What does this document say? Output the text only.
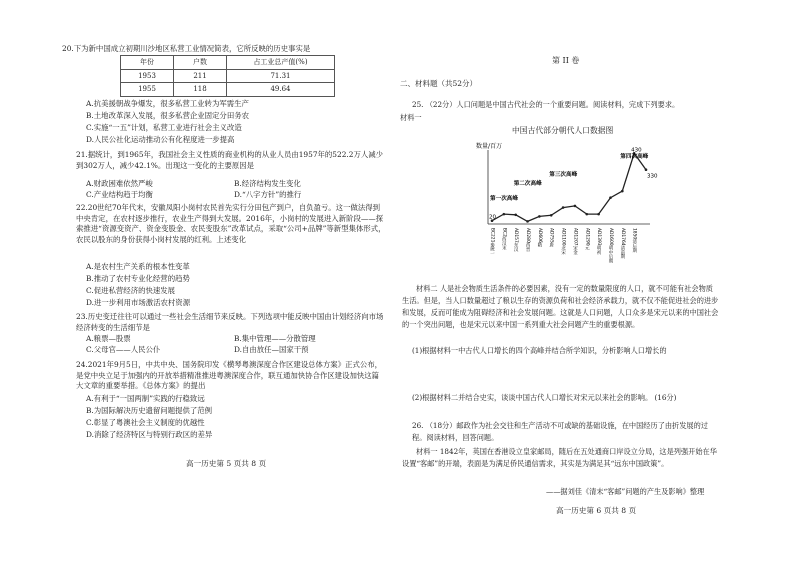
20.下为新中国成立初期川沙地区私营工业情况简表，它所反映的历史事实是
年份	户数	占工业总产值(%)
1953	211	71.31
1955	118	49.64
A.抗美援朝战争爆发，很多私营工业转为军需生产
B.土地改革深入发展，很多私营企业固定分田务农
C.实施“一五”计划，私营工业进行社会主义改造
D.人民公社化运动推动公有化程度进一步提高
21.据统计，到1965年，我国社会主义性质的商业机构的从业人员由1957年的522.2万人减少到302万人，减少42.1%。出现这一变化的主要原因是
A.财政困难依然严峻	B.经济结构发生变化
C.产业结构趋于均衡	D.“八字方针”的推行
22.20世纪70年代末，安徽凤阳小岗村农民首先实行分田包产到户，自负盈亏。这一做法得到中央肯定，在农村逐步推行，农业生产得到大发展。2016年，小岗村的发展进入新阶段——探索推进“资源变资产、资金变股金、农民变股东”改革试点，采取“公司+品牌”等新型集体形式，农民以股东的身份获得小岗村发展的红利。上述变化
A.是农村生产关系的根本性变革
B.推动了农村专业化经营的趋势
C.促进私营经济的快速发展
D.进一步利用市场激活农村资源
23.历史变迁往往可以通过一些社会生活细节来反映。下列选项中能反映中国由计划经济向市场经济转变的生活细节是
A.粮票—股票	B.集中管理——分散管理
C.父母官——人民公仆	D.自由放任—国家干预
24.2021年9月5日，中共中央、国务院印发《横琴粤澳深度合作区建设总体方案》正式公布，是党中央立足于加强内的开放举措精准推进粤澳深度合作，联互通加快协合作区建设加快这篇大文章的重要举措。《总体方案》的提出
A.有利于“一国两制”实践的行稳致远
B.为国际解决历史遗留问题提供了范例
C.彰显了粤澳社会主义制度的优越性
D.消除了经济特区与特别行政区的差异
高一历史第 5 页共 8 页
第 II 卷
二、材料题（共52分）
25. （22分）人口问题是中国古代社会的一个重要问题。阅读材料，完成下列要求。
材料一
中国古代部分朝代人口数据图
数量/百万
BC221秦统一 BC2西汉末 AD157东汉 AD280西晋 AD606隋 AD755唐 AD1100北宋 AD1207宋金 AD1290元 AD1393明初 AD1600明中后期 AD1764清前期 1850清后期
20
430
330
第一次高峰
第二次高峰
第三次高峰
第四次高峰
材料二 人是社会物质生活条件的必要因素，没有一定的数量限度的人口，就不可能有社会物质生活。但是，当人口数量超过了粮以生存的资源负荷和社会经济承载力，就不仅不能促进社会的进步和发展，反而可能成为阻碍经济和社会发展问题。这就是人口问题，人口众多是宋元以来的中国社会的一个突出问题，也是宋元以来中国一系列重大社会问题产生的重要根源。
(1)根据材料一中古代人口增长的四个高峰并结合所学知识，分析影响人口增长的
(2)根据材料二并结合史实，谈谈中国古代人口增长对宋元以来社会的影响。 (16分)
26. （18分）邮政作为社会交往和生产活动不可或缺的基础设施，在中国经历了由折发展的过程。阅读材料，回答问题。
材料一 1842年，英国在香港设立皇家邮局，随后在五处通商口岸设立分局，这是列强开始在华设置“客邮”的开端，表面是为满足侨民通信需求，其实是为满足其“远东中国政策”。
——据刘佳《清末“客邮”问题的产生及影响》整理
高一历史第 6 页共 8 页
